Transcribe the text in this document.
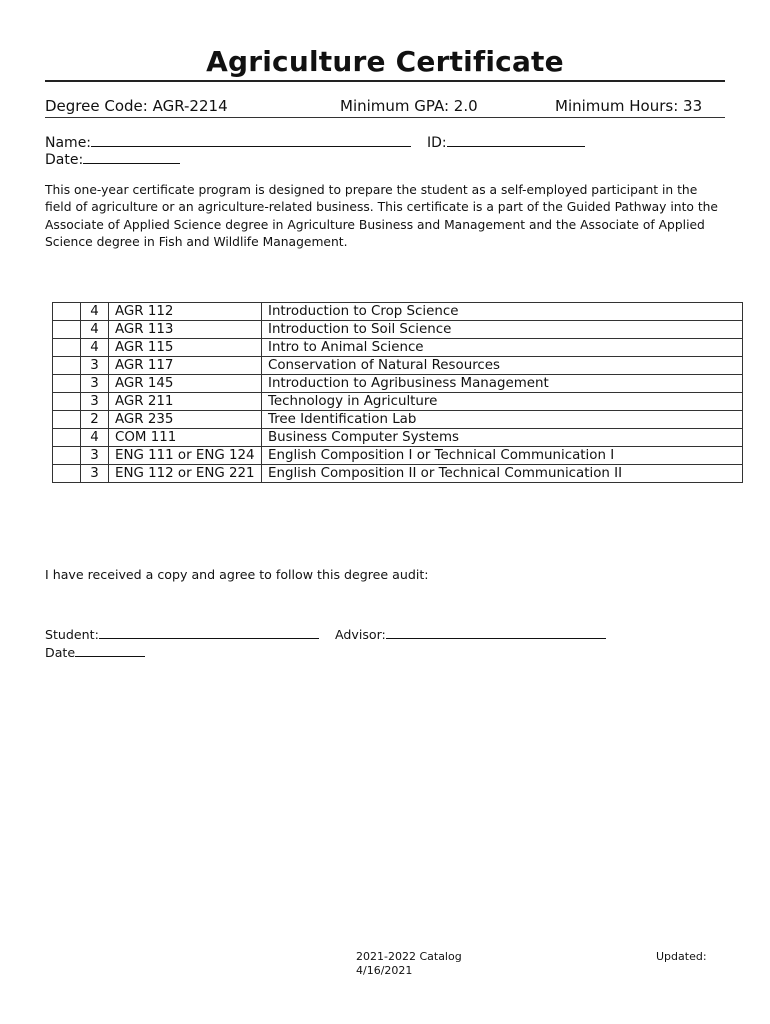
Agriculture Certificate
Degree Code: AGR-2214	Minimum GPA: 2.0	Minimum Hours: 33
Name:	ID:
Date:
This one-year certificate program is designed to prepare the student as a self-employed participant in the field of agriculture or an agriculture-related business. This certificate is a part of the Guided Pathway into the Associate of Applied Science degree in Agriculture Business and Management and the Associate of Applied Science degree in Fish and Wildlife Management.
	4	AGR 112	Introduction to Crop Science
	4	AGR 113	Introduction to Soil Science
	4	AGR 115	Intro to Animal Science
	3	AGR 117	Conservation of Natural Resources
	3	AGR 145	Introduction to Agribusiness Management
	3	AGR 211	Technology in Agriculture
	2	AGR 235	Tree Identification Lab
	4	COM 111	Business Computer Systems
	3	ENG 111 or ENG 124	English Composition I or Technical Communication I
	3	ENG 112 or ENG 221	English Composition II or Technical Communication II
I have received a copy and agree to follow this degree audit:
Student:	Advisor:
Date
2021-2022 Catalog
4/16/2021
Updated:
